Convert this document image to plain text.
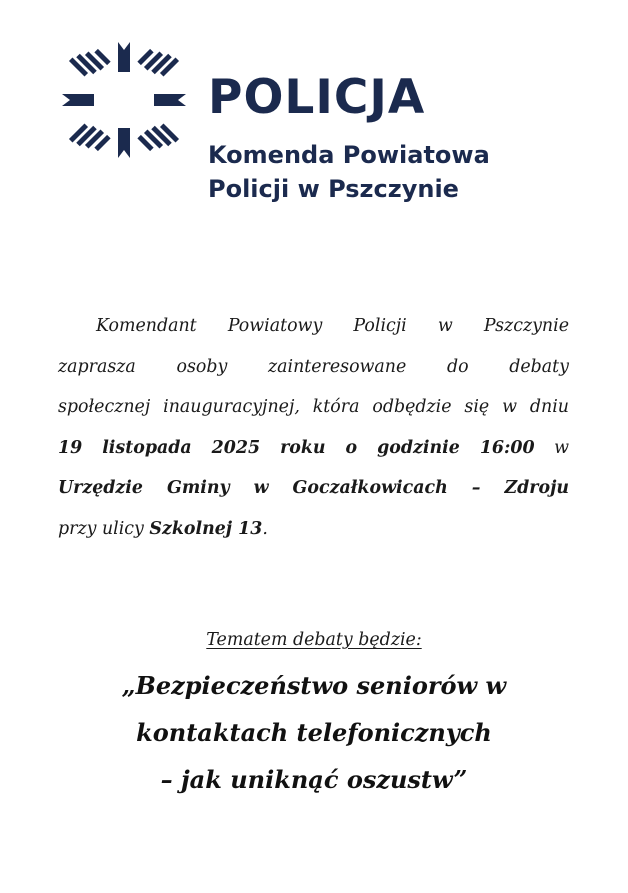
POLICJA
Komenda Powiatowa
Policji w Pszczynie
Komendant Powiatowy Policji w Pszczynie
zaprasza osoby zainteresowane do debaty
społecznej inauguracyjnej, która odbędzie się w dniu
19 listopada 2025 roku o godzinie 16:00 w
Urzędzie Gminy w Goczałkowicach – Zdroju
przy ulicy Szkolnej 13.
Tematem debaty będzie:
„Bezpieczeństwo seniorów w
kontaktach telefonicznych
– jak uniknąć oszustw”
